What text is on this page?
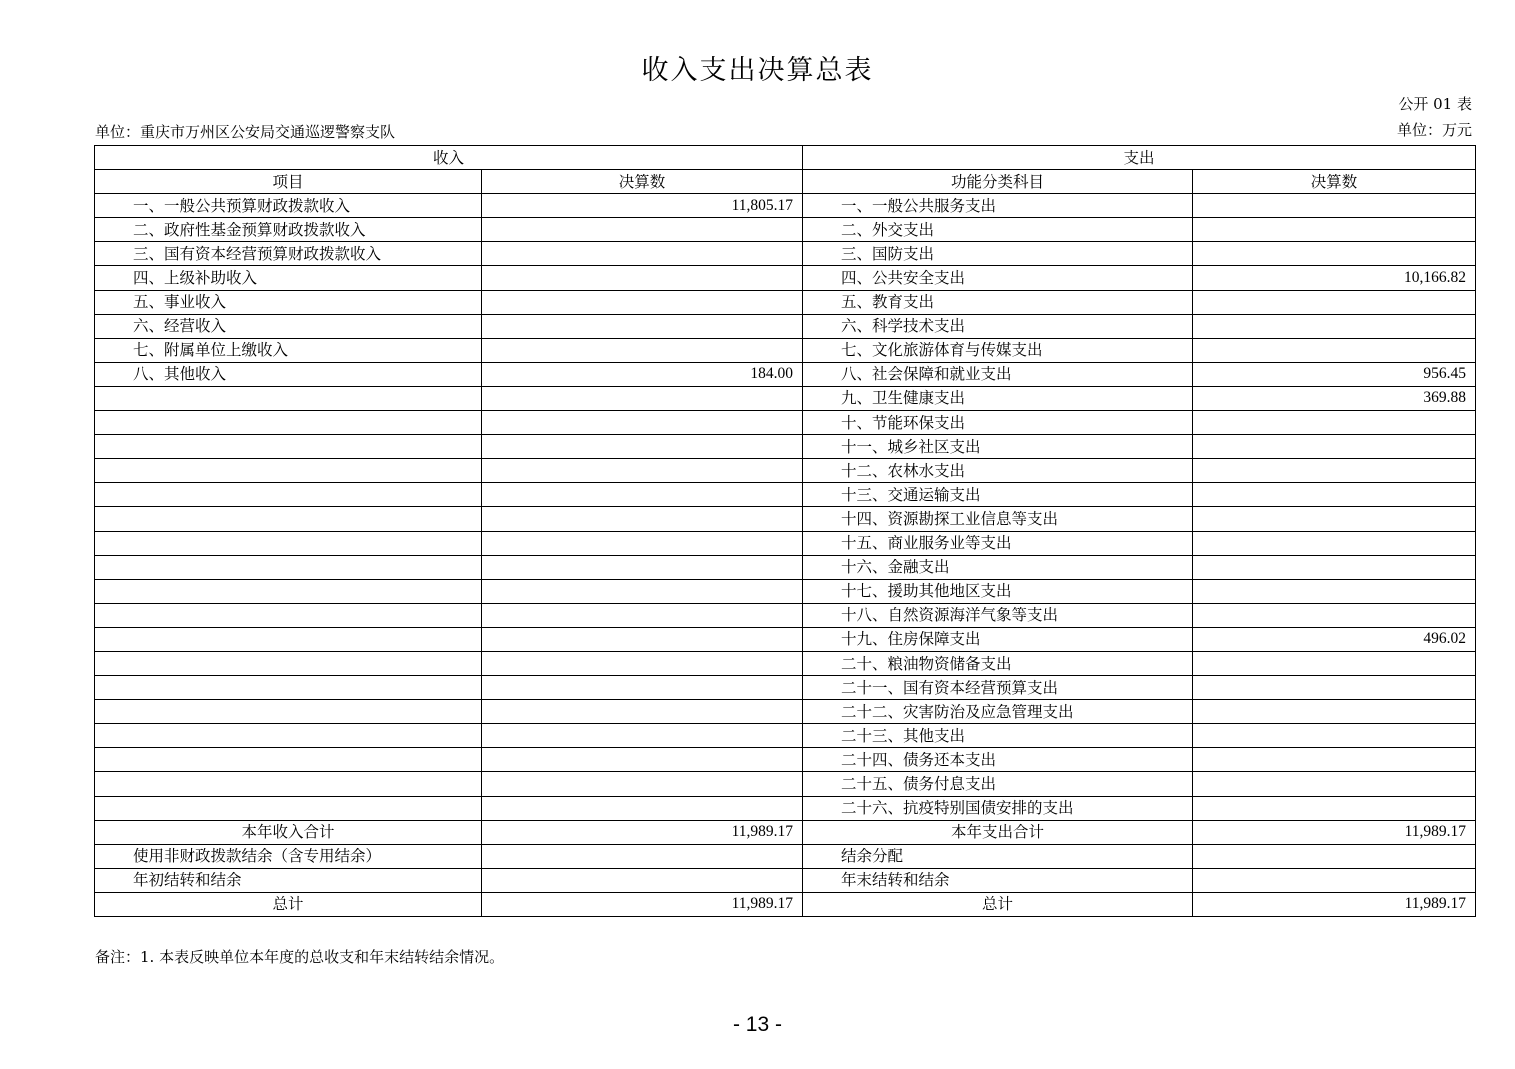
收入支出决算总表
公开 01 表
单位：重庆市万州区公安局交通巡逻警察支队	单位：万元
收入		支出	
项目	决算数	功能分类科目	决算数
一、一般公共预算财政拨款收入	11,805.17	一、一般公共服务支出	
二、政府性基金预算财政拨款收入		二、外交支出	
三、国有资本经营预算财政拨款收入		三、国防支出	
四、上级补助收入		四、公共安全支出	10,166.82
五、事业收入		五、教育支出	
六、经营收入		六、科学技术支出	
七、附属单位上缴收入		七、文化旅游体育与传媒支出	
八、其他收入	184.00	八、社会保障和就业支出	956.45
		九、卫生健康支出	369.88
		十、节能环保支出	
		十一、城乡社区支出	
		十二、农林水支出	
		十三、交通运输支出	
		十四、资源勘探工业信息等支出	
		十五、商业服务业等支出	
		十六、金融支出	
		十七、援助其他地区支出	
		十八、自然资源海洋气象等支出	
		十九、住房保障支出	496.02
		二十、粮油物资储备支出	
		二十一、国有资本经营预算支出	
		二十二、灾害防治及应急管理支出	
		二十三、其他支出	
		二十四、债务还本支出	
		二十五、债务付息支出	
		二十六、抗疫特别国债安排的支出	
本年收入合计	11,989.17	本年支出合计	11,989.17
使用非财政拨款结余（含专用结余）		结余分配	
年初结转和结余		年末结转和结余	
总计	11,989.17	总计	11,989.17
备注：1. 本表反映单位本年度的总收支和年末结转结余情况。
- 13 -
